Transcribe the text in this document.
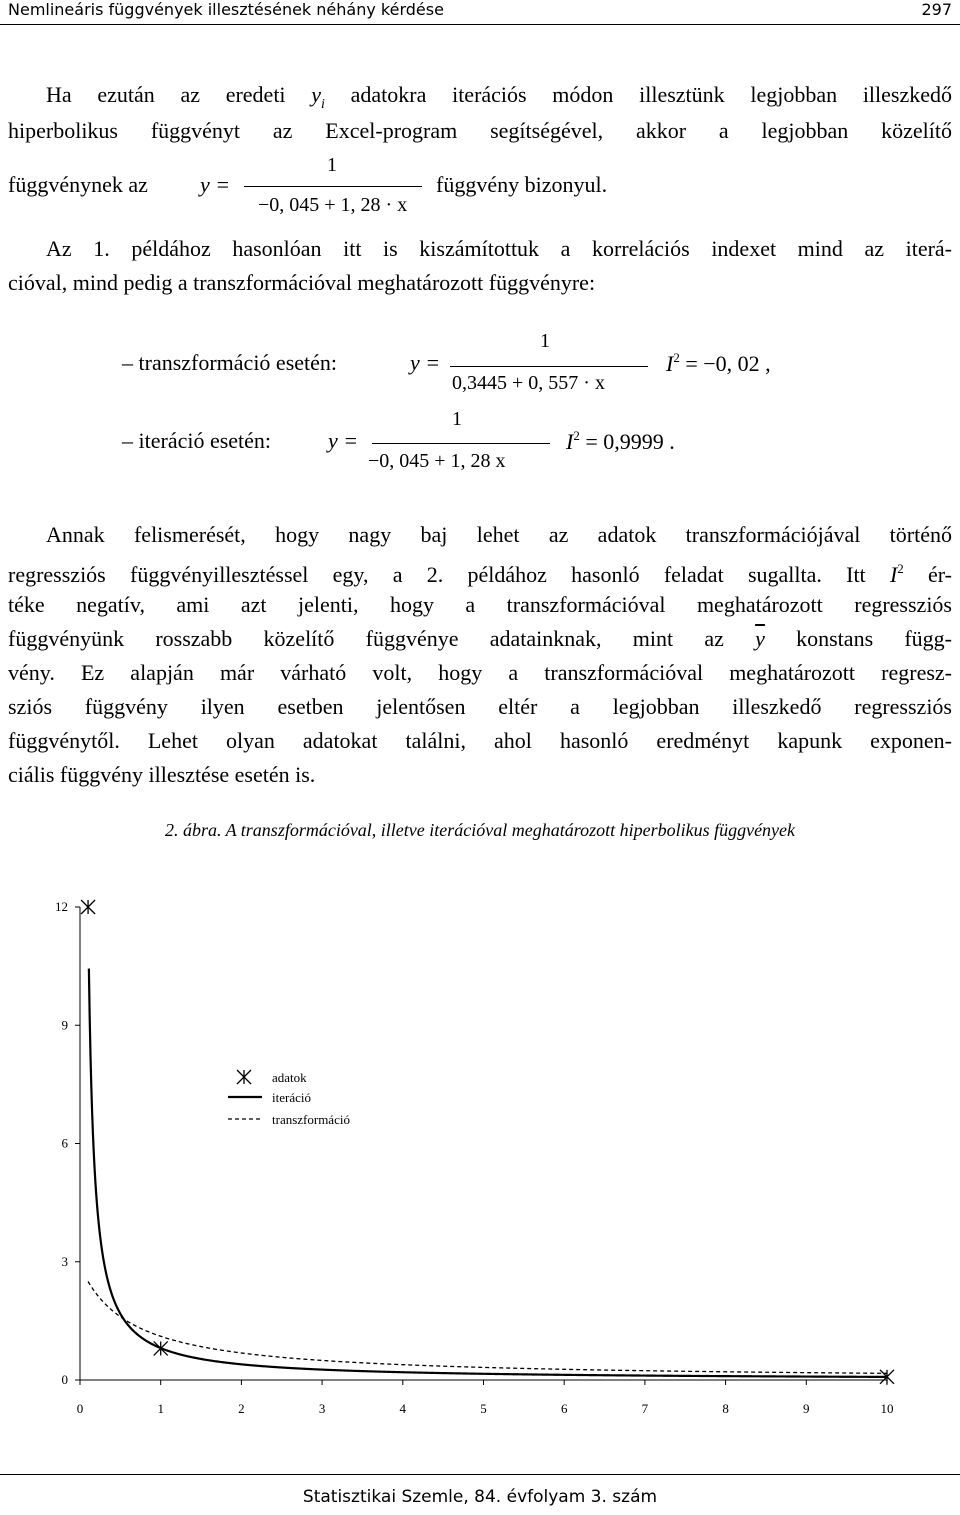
Nemlineáris függvények illesztésének néhány kérdése	297
Ha ezután az eredeti $y_i$ adatokra iterációs módon illesztünk legjobban illeszkedő
hiperbolikus függvényt az Excel-program segítségével, akkor a legjobban közelítő
függvénynek az y =
1
−0, 045 + 1, 28 · x
függvény bizonyul.
Az 1. példához hasonlóan itt is kiszámítottuk a korrelációs indexet mind az iterá-
cióval, mind pedig a transzformációval meghatározott függvényre:
– transzformáció esetén:	y =
1
0,3445 + 0, 557 · x
$I^2 = -0$, 02 ,
– iteráció esetén:	y =
1
−0, 045 + 1, 28 x
$I^2 = 0,9999$ .
Annak felismerését, hogy nagy baj lehet az adatok transzformációjával történő
regressziós függvényillesztéssel egy, a 2. példához hasonló feladat sugallta. Itt $I^2$ ér-
téke negatív, ami azt jelenti, hogy a transzformációval meghatározott regressziós
függvényünk rosszabb közelítő függvénye adatainknak, mint az $\overline{y}$ konstans függ-
vény. Ez alapján már várható volt, hogy a transzformációval meghatározott regresz-
sziós függvény ilyen esetben jelentősen eltér a legjobban illeszkedő regressziós
függvénytől. Lehet olyan adatokat találni, ahol hasonló eredményt kapunk exponen-
ciális függvény illesztése esetén is.
2. ábra. A transzformációval, illetve iterációval meghatározott hiperbolikus függvények
0
3
6
9
12
0	1	2	3	4	5	6	7	8	9	10
adatok
iteráció
transzformáció
Statisztikai Szemle, 84. évfolyam 3. szám
